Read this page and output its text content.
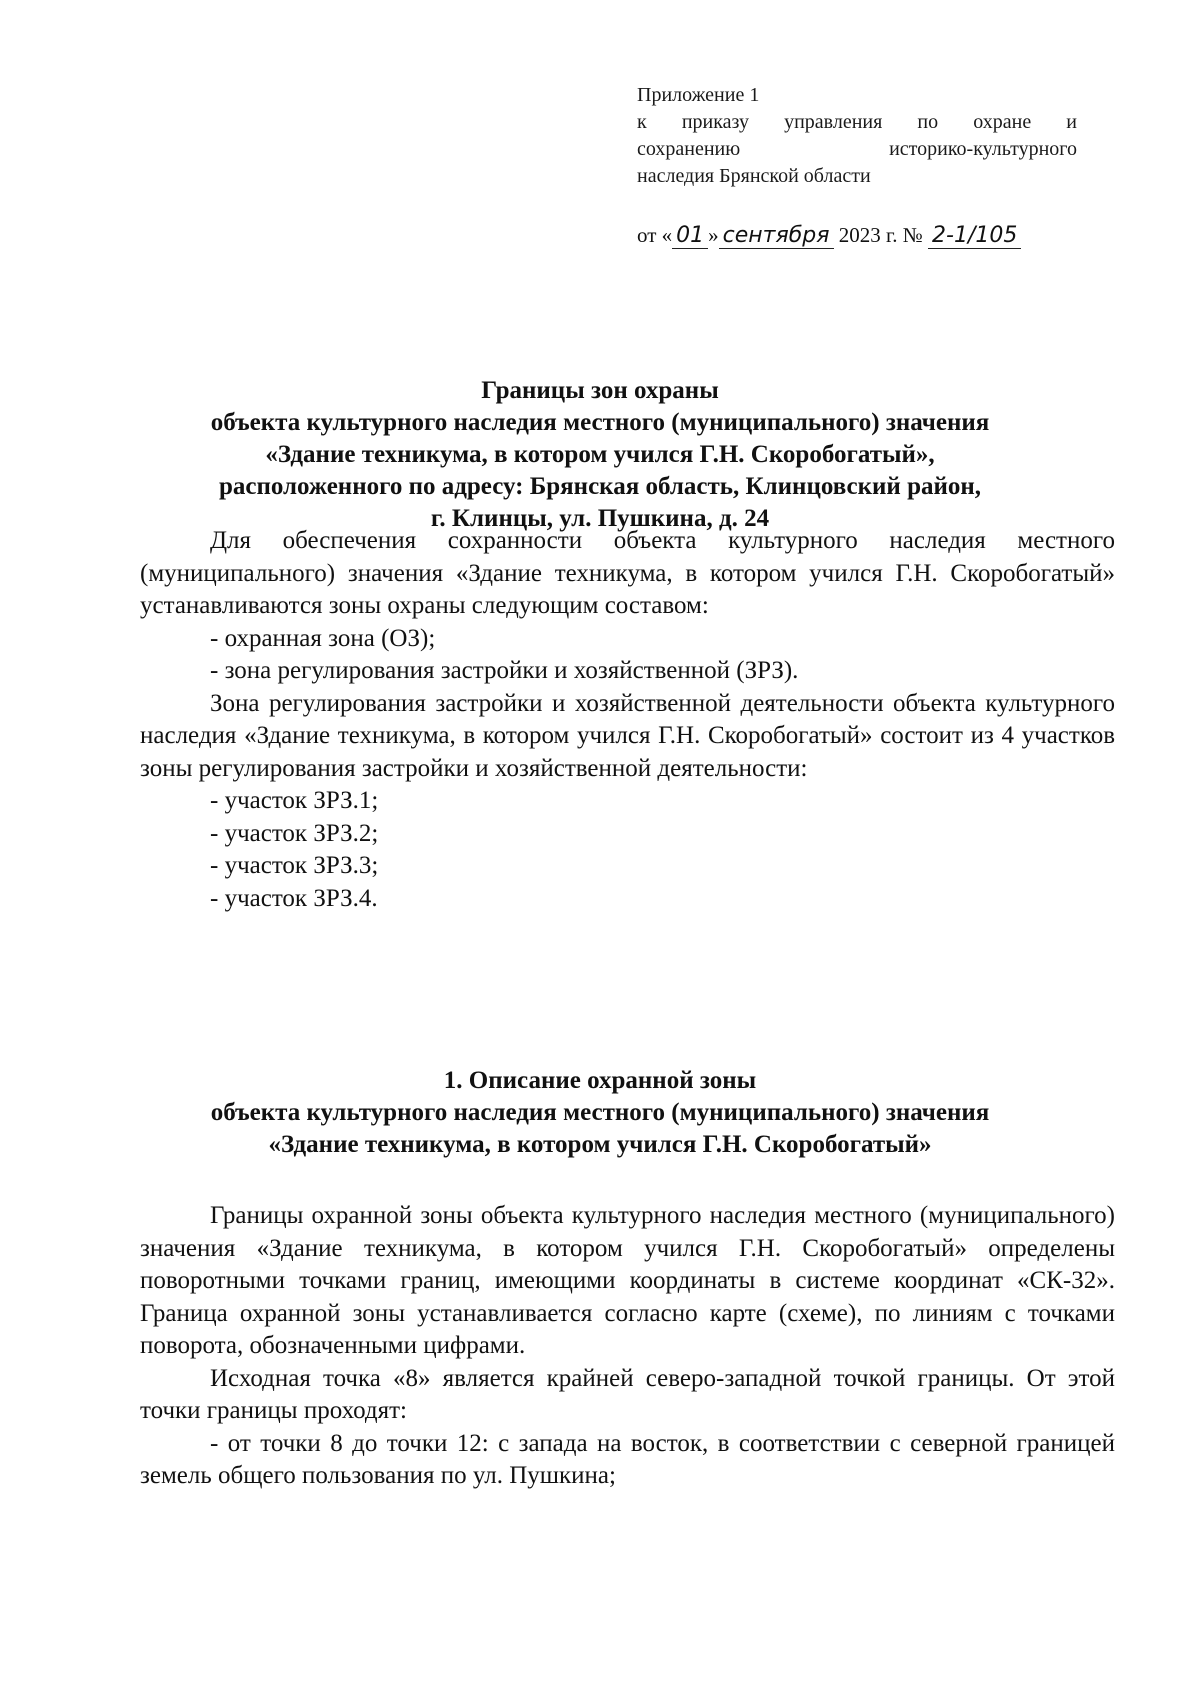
Приложение 1
к приказу управления по охране и
сохранению историко-культурного
наследия Брянской области
от « 01 » сентября 2023 г. № 2-1/105
Границы зон охраны
объекта культурного наследия местного (муниципального) значения
«Здание техникума, в котором учился Г.Н. Скоробогатый»,
расположенного по адресу: Брянская область, Клинцовский район,
г. Клинцы, ул. Пушкина, д. 24

Для обеспечения сохранности объекта культурного наследия местного (муниципального) значения «Здание техникума, в котором учился Г.Н. Скоробогатый» устанавливаются зоны охраны следующим составом:

- охранная зона (ОЗ);

- зона регулирования застройки и хозяйственной (ЗРЗ).

Зона регулирования застройки и хозяйственной деятельности объекта культурного наследия «Здание техникума, в котором учился Г.Н. Скоробогатый» состоит из 4 участков зоны регулирования застройки и хозяйственной деятельности:

- участок ЗРЗ.1;

- участок ЗРЗ.2;

- участок ЗРЗ.3;

- участок ЗРЗ.4.

1. Описание охранной зоны
объекта культурного наследия местного (муниципального) значения
«Здание техникума, в котором учился Г.Н. Скоробогатый»

Границы охранной зоны объекта культурного наследия местного (муниципального) значения «Здание техникума, в котором учился Г.Н. Скоробогатый» определены поворотными точками границ, имеющими координаты в системе координат «СК-32». Граница охранной зоны устанавливается согласно карте (схеме), по линиям с точками поворота, обозначенными цифрами.

Исходная точка «8» является крайней северо-западной точкой границы. От этой точки границы проходят:

- от точки 8 до точки 12: с запада на восток, в соответствии с северной границей земель общего пользования по ул. Пушкина;
